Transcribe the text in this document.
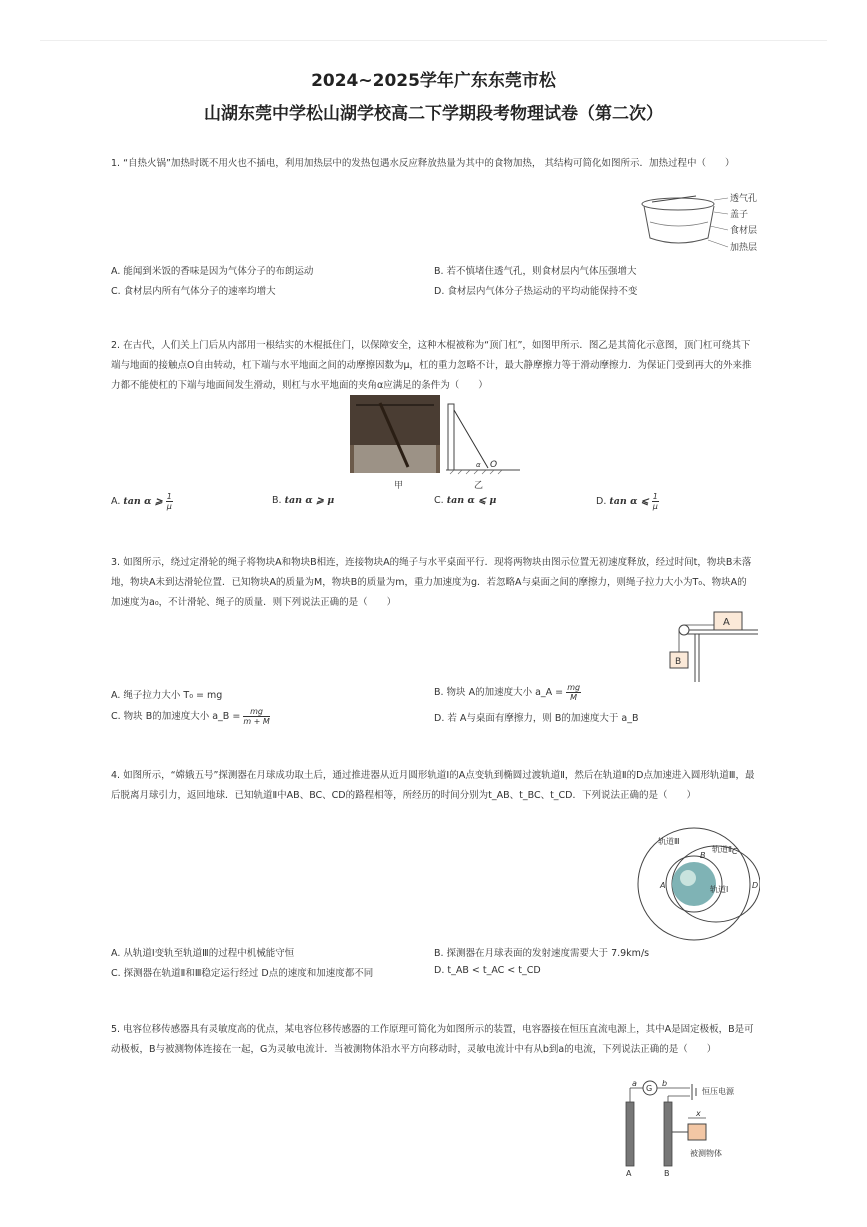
2024~2025学年广东东莞市松
山湖东莞中学松山湖学校高二下学期段考物理试卷（第二次）
1. “自热火锅”加热时既不用火也不插电，利用加热层中的发热包遇水反应释放热量为其中的食物加热， 其结构可简化如图所示．加热过程中（　　）
透气孔
盖子
食材层
加热层
A. 能闻到米饭的香味是因为气体分子的布朗运动	B. 若不慎堵住透气孔，则食材层内气体压强增大
C. 食材层内所有气体分子的速率均增大	D. 食材层内气体分子热运动的平均动能保持不变
2. 在古代，人们关上门后从内部用一根结实的木棍抵住门，以保障安全，这种木棍被称为“顶门杠”，如图甲所示．图乙是其简化示意图，顶门杠可绕其下端与地面的接触点O自由转动，杠下端与水平地面之间的动摩擦因数为μ，杠的重力忽略不计，最大静摩擦力等于滑动摩擦力．为保证门受到再大的外来推力都不能使杠的下端与地面间发生滑动，则杠与水平地面的夹角α应满足的条件为（　　）
甲
O
α
乙
A. tan α ⩾ $\frac{1}{\mu}$	B. tan α ⩾ μ	C. tan α ⩽ μ	D. tan α ⩽ $\frac{1}{\mu}$
3. 如图所示，绕过定滑轮的绳子将物块A和物块B相连，连接物块A的绳子与水平桌面平行．现将两物块由图示位置无初速度释放，经过时间t，物块B未落地，物块A未到达滑轮位置．已知物块A的质量为M，物块B的质量为m，重力加速度为g．若忽略A与桌面之间的摩擦力，则绳子拉力大小为T₀、物块A的加速度为a₀，不计滑轮、绳子的质量．则下列说法正确的是（　　）
A
B
A. 绳子拉力大小 T₀ = mg	B. 物块 A的加速度大小 a_A = $\frac{mg}{M}$
C. 物块 B的加速度大小 a_B = $\frac{mg}{m + M}$	D. 若 A与桌面有摩擦力，则 B的加速度大于 a_B
4. 如图所示，“嫦娥五号”探测器在月球成功取土后，通过推进器从近月圆形轨道Ⅰ的A点变轨到椭圆过渡轨道Ⅱ，然后在轨道Ⅱ的D点加速进入圆形轨道Ⅲ，最后脱离月球引力，返回地球．已知轨道Ⅱ中AB、BC、CD的路程相等，所经历的时间分别为t_AB、t_BC、t_CD．下列说法正确的是（　　）
轨道Ⅲ
轨道Ⅱ
轨道Ⅰ
A
B	C
D
A. 从轨道Ⅰ变轨至轨道Ⅲ的过程中机械能守恒	B. 探测器在月球表面的发射速度需要大于 7.9km/s
C. 探测器在轨道Ⅱ和Ⅲ稳定运行经过 D点的速度和加速度都不同	D. t_AB < t_AC < t_CD
5. 电容位移传感器具有灵敏度高的优点，某电容位移传感器的工作原理可简化为如图所示的装置，电容器接在恒压直流电源上，其中A是固定极板，B是可动极板，B与被测物体连接在一起，G为灵敏电流计．当被测物体沿水平方向移动时，灵敏电流计中有从b到a的电流，下列说法正确的是（　　）
a
G
b
恒压电源
x
被测物体
A	B
